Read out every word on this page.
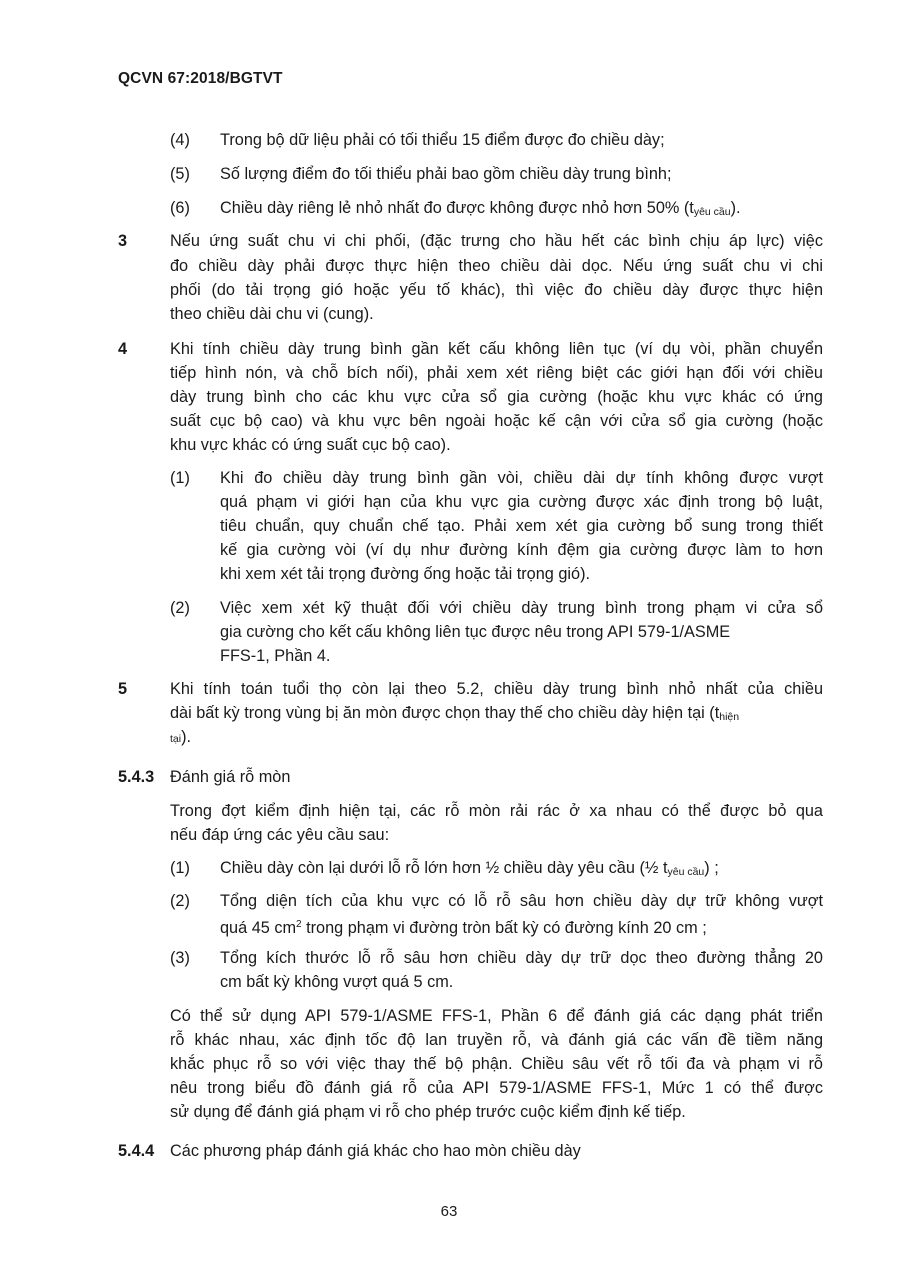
QCVN 67:2018/BGTVT
(4) Trong bộ dữ liệu phải có tối thiểu 15 điểm được đo chiều dày;
(5) Số lượng điểm đo tối thiểu phải bao gồm chiều dày trung bình;
(6) Chiều dày riêng lẻ nhỏ nhất đo được không được nhỏ hơn 50% $(t_{yêu cầu})$.
3	Nếu ứng suất chu vi chi phối, (đặc trưng cho hầu hết các bình chịu áp lực) việc
đo chiều dày phải được thực hiện theo chiều dài dọc. Nếu ứng suất chu vi chi
phối (do tải trọng gió hoặc yếu tố khác), thì việc đo chiều dày được thực hiện
theo chiều dài chu vi (cung).
4	Khi tính chiều dày trung bình gần kết cấu không liên tục (ví dụ vòi, phần chuyển
tiếp hình nón, và chỗ bích nối), phải xem xét riêng biệt các giới hạn đối với chiều
dày trung bình cho các khu vực cửa sổ gia cường (hoặc khu vực khác có ứng
suất cục bộ cao) và khu vực bên ngoài hoặc kế cận với cửa sổ gia cường (hoặc
khu vực khác có ứng suất cục bộ cao).
(1) Khi đo chiều dày trung bình gần vòi, chiều dài dự tính không được vượt
quá phạm vi giới hạn của khu vực gia cường được xác định trong bộ luật,
tiêu chuẩn, quy chuẩn chế tạo. Phải xem xét gia cường bổ sung trong thiết
kế gia cường vòi (ví dụ như đường kính đệm gia cường được làm to hơn
khi xem xét tải trọng đường ống hoặc tải trọng gió).
(2) Việc xem xét kỹ thuật đối với chiều dày trung bình trong phạm vi cửa sổ
gia cường cho kết cấu không liên tục được nêu trong API 579-1/ASME
FFS-1, Phần 4.
5	Khi tính toán tuổi thọ còn lại theo 5.2, chiều dày trung bình nhỏ nhất của chiều
dài bất kỳ trong vùng bị ăn mòn được chọn thay thế cho chiều dày hiện tại ($t_{hiện}$
tại).
5.4.3 Đánh giá rỗ mòn
Trong đợt kiểm định hiện tại, các rỗ mòn rải rác ở xa nhau có thể được bỏ qua
nếu đáp ứng các yêu cầu sau:
(1) Chiều dày còn lại dưới lỗ rỗ lớn hơn ½ chiều dày yêu cầu (½ $t_{yêu cầu}$) ;
(2) Tổng diện tích của khu vực có lỗ rỗ sâu hơn chiều dày dự trữ không vượt
quá 45 $cm^2$ trong phạm vi đường tròn bất kỳ có đường kính 20 cm ;
(3) Tổng kích thước lỗ rỗ sâu hơn chiều dày dự trữ dọc theo đường thẳng 20
cm bất kỳ không vượt quá 5 cm.
Có thể sử dụng API 579-1/ASME FFS-1, Phần 6 để đánh giá các dạng phát triển
rỗ khác nhau, xác định tốc độ lan truyền rỗ, và đánh giá các vấn đề tiềm năng
khắc phục rỗ so với việc thay thế bộ phận. Chiều sâu vết rỗ tối đa và phạm vi rỗ
nêu trong biểu đồ đánh giá rỗ của API 579-1/ASME FFS-1, Mức 1 có thể được
sử dụng để đánh giá phạm vi rỗ cho phép trước cuộc kiểm định kế tiếp.
5.4.4 Các phương pháp đánh giá khác cho hao mòn chiều dày
63
